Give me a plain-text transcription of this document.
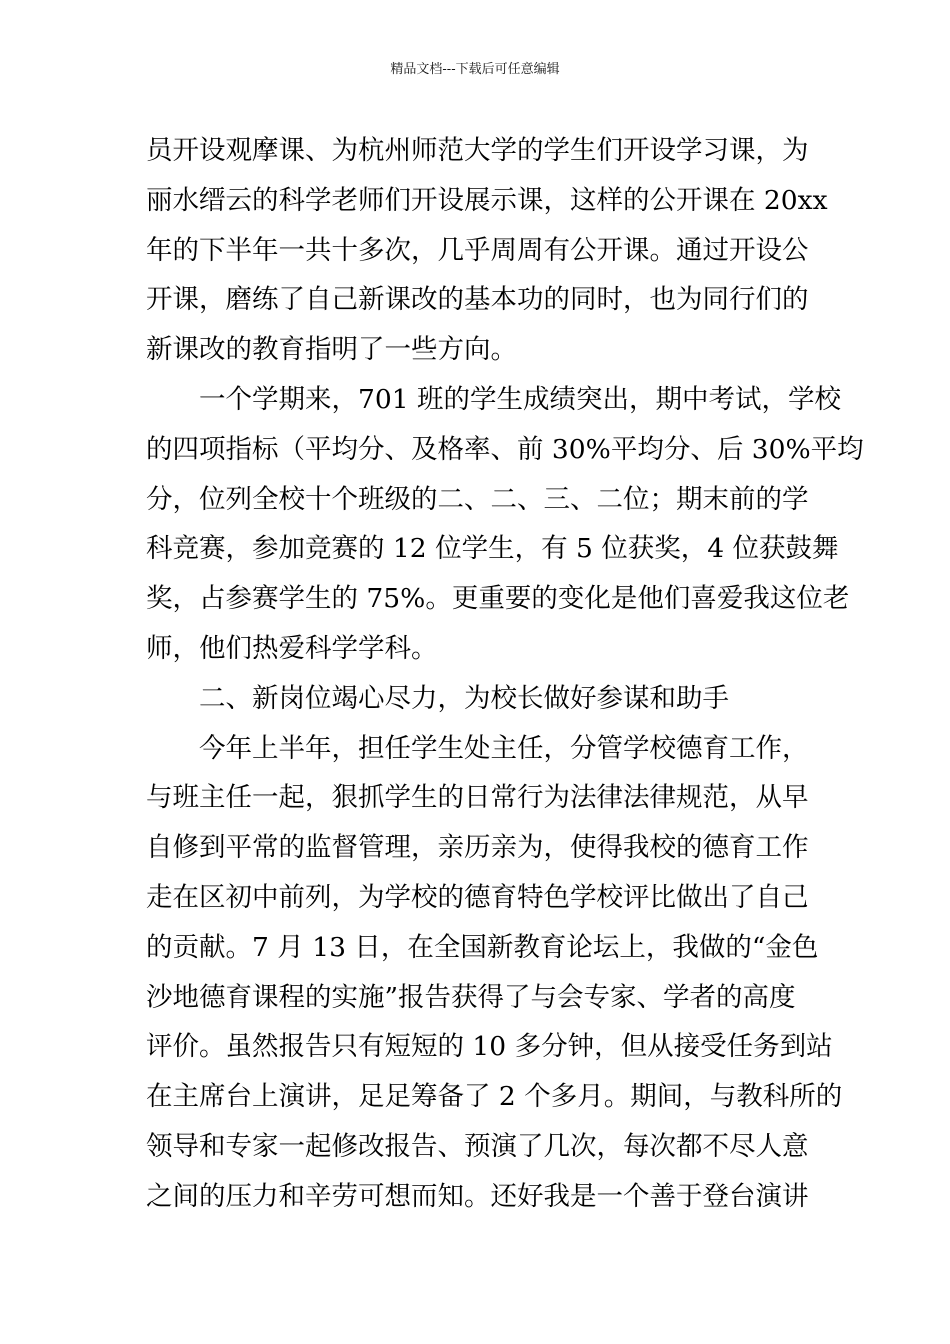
精品文档---下载后可任意编辑
员开设观摩课、为杭州师范大学的学生们开设学习课，为
丽水缙云的科学老师们开设展示课，这样的公开课在 20xx
年的下半年一共十多次，几乎周周有公开课。通过开设公
开课，磨练了自己新课改的基本功的同时，也为同行们的
新课改的教育指明了一些方向。
一个学期来，701 班的学生成绩突出，期中考试，学校
的四项指标（平均分、及格率、前 30%平均分、后 30%平均
分，位列全校十个班级的二、二、三、二位；期末前的学
科竞赛，参加竞赛的 12 位学生，有 5 位获奖，4 位获鼓舞
奖，占参赛学生的 75%。更重要的变化是他们喜爱我这位老
师，他们热爱科学学科。
二、新岗位竭心尽力，为校长做好参谋和助手
今年上半年，担任学生处主任，分管学校德育工作，
与班主任一起，狠抓学生的日常行为法律法律规范，从早
自修到平常的监督管理，亲历亲为，使得我校的德育工作
走在区初中前列，为学校的德育特色学校评比做出了自己
的贡献。7 月 13 日，在全国新教育论坛上，我做的“金色
沙地德育课程的实施”报告获得了与会专家、学者的高度
评价。虽然报告只有短短的 10 多分钟，但从接受任务到站
在主席台上演讲，足足筹备了 2 个多月。期间，与教科所的
领导和专家一起修改报告、预演了几次，每次都不尽人意
之间的压力和辛劳可想而知。还好我是一个善于登台演讲
